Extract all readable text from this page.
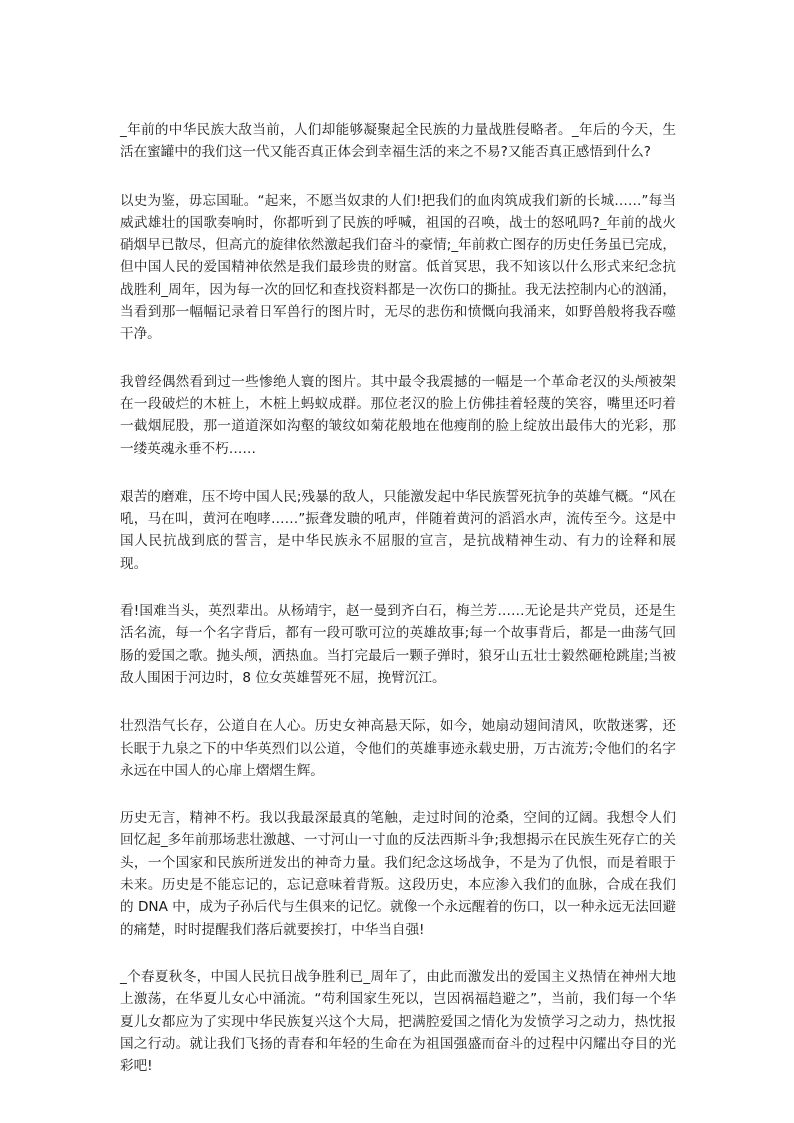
_年前的中华民族大敌当前，人们却能够凝聚起全民族的力量战胜侵略者。_年后的今天，生活在蜜罐中的我们这一代又能否真正体会到幸福生活的来之不易?又能否真正感悟到什么?

以史为鉴，毋忘国耻。“起来，不愿当奴隶的人们!把我们的血肉筑成我们新的长城……”每当威武雄壮的国歌奏响时，你都听到了民族的呼喊，祖国的召唤，战士的怒吼吗?_年前的战火硝烟早已散尽，但高亢的旋律依然激起我们奋斗的豪情;_年前救亡图存的历史任务虽已完成，但中国人民的爱国精神依然是我们最珍贵的财富。低首冥思，我不知该以什么形式来纪念抗战胜利_周年，因为每一次的回忆和查找资料都是一次伤口的撕扯。我无法控制内心的汹涌，当看到那一幅幅记录着日军兽行的图片时，无尽的悲伤和愤慨向我涌来，如野兽般将我吞噬干净。

我曾经偶然看到过一些惨绝人寰的图片。其中最令我震撼的一幅是一个革命老汉的头颅被架在一段破烂的木桩上，木桩上蚂蚁成群。那位老汉的脸上仿佛挂着轻蔑的笑容，嘴里还叼着一截烟屁股，那一道道深如沟壑的皱纹如菊花般地在他瘦削的脸上绽放出最伟大的光彩，那一缕英魂永垂不朽……

艰苦的磨难，压不垮中国人民;残暴的敌人，只能激发起中华民族誓死抗争的英雄气概。“风在吼，马在叫，黄河在咆哮……”振聋发聩的吼声，伴随着黄河的滔滔水声，流传至今。这是中国人民抗战到底的誓言，是中华民族永不屈服的宣言，是抗战精神生动、有力的诠释和展现。

看!国难当头，英烈辈出。从杨靖宇，赵一曼到齐白石，梅兰芳……无论是共产党员，还是生活名流，每一个名字背后，都有一段可歌可泣的英雄故事;每一个故事背后，都是一曲荡气回肠的爱国之歌。抛头颅，洒热血。当打完最后一颗子弹时，狼牙山五壮士毅然砸枪跳崖;当被敌人围困于河边时，8 位女英雄誓死不屈，挽臂沉江。

壮烈浩气长存，公道自在人心。历史女神高悬天际，如今，她扇动翅间清风，吹散迷雾，还长眠于九泉之下的中华英烈们以公道，令他们的英雄事迹永载史册，万古流芳;令他们的名字永远在中国人的心扉上熠熠生辉。

历史无言，精神不朽。我以我最深最真的笔触，走过时间的沧桑，空间的辽阔。我想令人们回忆起_多年前那场悲壮激越、一寸河山一寸血的反法西斯斗争;我想揭示在民族生死存亡的关头，一个国家和民族所迸发出的神奇力量。我们纪念这场战争，不是为了仇恨，而是着眼于未来。历史是不能忘记的，忘记意味着背叛。这段历史，本应渗入我们的血脉，合成在我们的 DNA 中，成为子孙后代与生俱来的记忆。就像一个永远醒着的伤口，以一种永远无法回避的痛楚，时时提醒我们落后就要挨打，中华当自强!

_个春夏秋冬，中国人民抗日战争胜利已_周年了，由此而激发出的爱国主义热情在神州大地上激荡，在华夏儿女心中涌流。“苟利国家生死以，岂因祸福趋避之”，当前，我们每一个华夏儿女都应为了实现中华民族复兴这个大局，把满腔爱国之情化为发愤学习之动力，热忱报国之行动。就让我们飞扬的青春和年轻的生命在为祖国强盛而奋斗的过程中闪耀出夺目的光彩吧!
